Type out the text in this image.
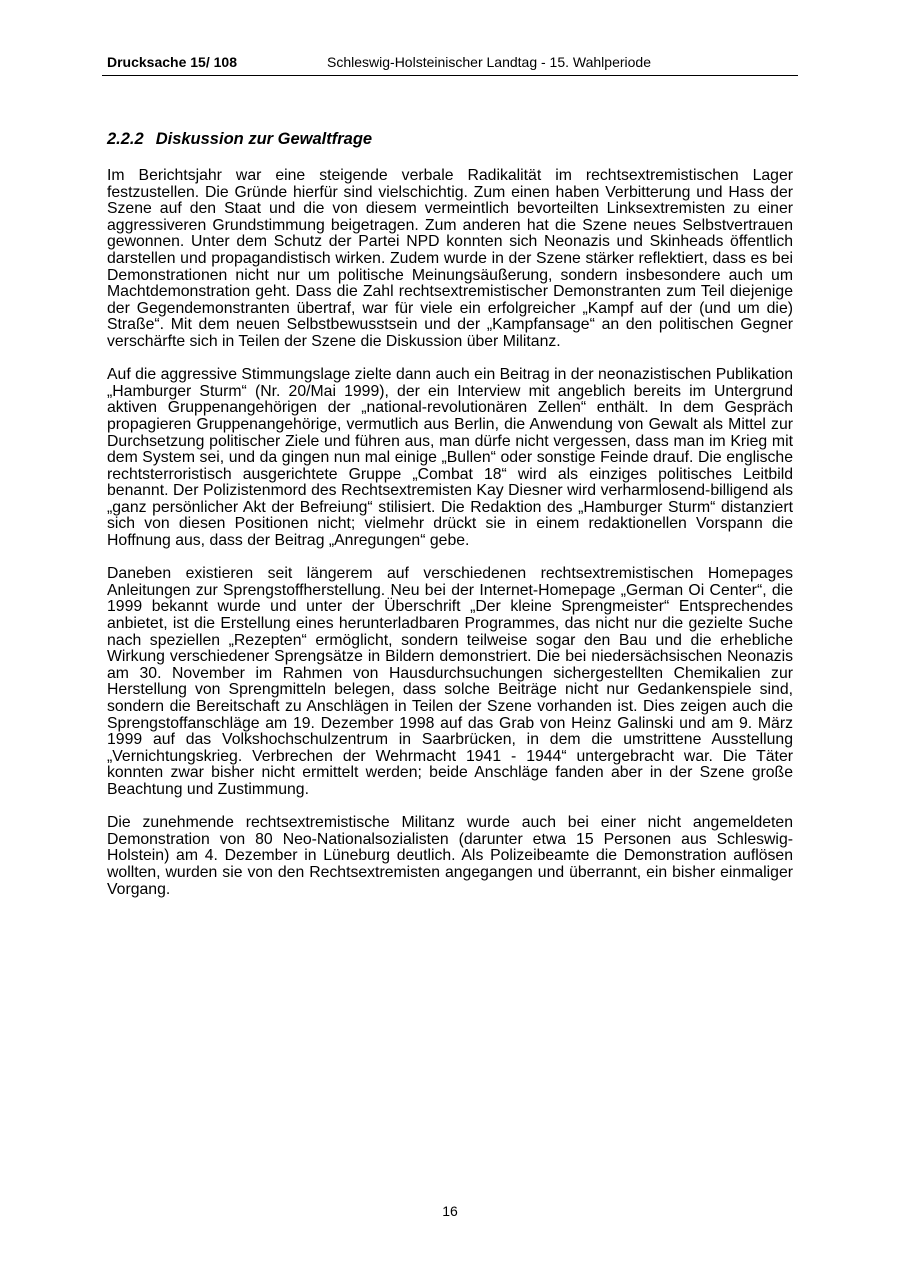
Drucksache 15/ 108	Schleswig-Holsteinischer Landtag - 15. Wahlperiode
2.2.2 Diskussion zur Gewaltfrage

Im Berichtsjahr war eine steigende verbale Radikalität im rechtsextremistischen Lager festzustellen. Die Gründe hierfür sind vielschichtig. Zum einen haben Verbitterung und Hass der Szene auf den Staat und die von diesem vermeintlich bevorteilten Linksextremisten zu einer aggressiveren Grundstimmung beigetragen. Zum anderen hat die Szene neues Selbstvertrauen gewonnen. Unter dem Schutz der Partei NPD konnten sich Neonazis und Skinheads öffentlich darstellen und propagandistisch wirken. Zudem wurde in der Szene stärker reflektiert, dass es bei Demonstrationen nicht nur um politische Meinungsäußerung, sondern insbesondere auch um Machtdemonstration geht. Dass die Zahl rechtsextremistischer Demonstranten zum Teil diejenige der Gegendemonstranten übertraf, war für viele ein erfolgreicher „Kampf auf der (und um die) Straße“. Mit dem neuen Selbstbewusstsein und der „Kampfansage“ an den politischen Gegner verschärfte sich in Teilen der Szene die Diskussion über Militanz.

Auf die aggressive Stimmungslage zielte dann auch ein Beitrag in der neonazistischen Publikation „Hamburger Sturm“ (Nr. 20/Mai 1999), der ein Interview mit angeblich bereits im Untergrund aktiven Gruppenangehörigen der „national-revolutionären Zellen“ enthält. In dem Gespräch propagieren Gruppenangehörige, vermutlich aus Berlin, die Anwendung von Gewalt als Mittel zur Durchsetzung politischer Ziele und führen aus, man dürfe nicht vergessen, dass man im Krieg mit dem System sei, und da gingen nun mal einige „Bullen“ oder sonstige Feinde drauf. Die englische rechtsterroristisch ausgerichtete Gruppe „Combat 18“ wird als einziges politisches Leitbild benannt. Der Polizistenmord des Rechtsextremisten Kay Diesner wird verharmlosend-billigend als „ganz persönlicher Akt der Befreiung“ stilisiert. Die Redaktion des „Hamburger Sturm“ distanziert sich von diesen Positionen nicht; vielmehr drückt sie in einem redaktionellen Vorspann die Hoffnung aus, dass der Beitrag „Anregungen“ gebe.

Daneben existieren seit längerem auf verschiedenen rechtsextremistischen Homepages Anleitungen zur Sprengstoffherstellung. Neu bei der Internet-Homepage „German Oi Center“, die 1999 bekannt wurde und unter der Überschrift „Der kleine Sprengmeister“ Entsprechendes anbietet, ist die Erstellung eines herunterladbaren Programmes, das nicht nur die gezielte Suche nach speziellen „Rezepten“ ermöglicht, sondern teilweise sogar den Bau und die erhebliche Wirkung verschiedener Sprengsätze in Bildern demonstriert. Die bei niedersächsischen Neonazis am 30. November im Rahmen von Hausdurchsuchungen sichergestellten Chemikalien zur Herstellung von Sprengmitteln belegen, dass solche Beiträge nicht nur Gedankenspiele sind, sondern die Bereitschaft zu Anschlägen in Teilen der Szene vorhanden ist. Dies zeigen auch die Sprengstoffanschläge am 19. Dezember 1998 auf das Grab von Heinz Galinski und am 9. März 1999 auf das Volkshochschulzentrum in Saarbrücken, in dem die umstrittene Ausstellung „Vernichtungskrieg. Verbrechen der Wehrmacht 1941 - 1944“ untergebracht war. Die Täter konnten zwar bisher nicht ermittelt werden; beide Anschläge fanden aber in der Szene große Beachtung und Zustimmung.

Die zunehmende rechtsextremistische Militanz wurde auch bei einer nicht angemeldeten Demonstration von 80 Neo-Nationalsozialisten (darunter etwa 15 Personen aus Schleswig-Holstein) am 4. Dezember in Lüneburg deutlich. Als Polizeibeamte die Demonstration auflösen wollten, wurden sie von den Rechtsextremisten angegangen und überrannt, ein bisher einmaliger Vorgang.

16
